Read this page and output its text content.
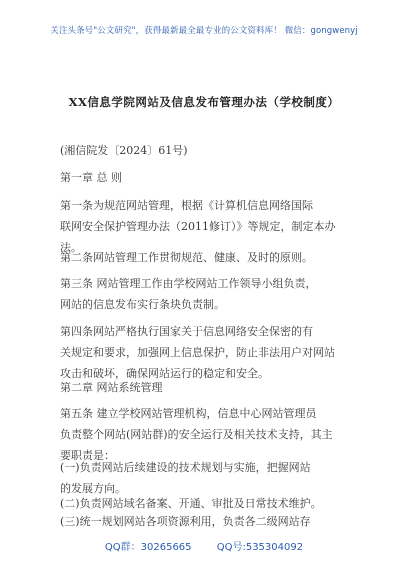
关注头条号"公文研究"，获得最新最全最专业的公文资料库！ 微信：gongwenyj
XX信息学院网站及信息发布管理办法（学校制度）
(湘信院发〔2024〕61号)
第一章 总 则
第一条为规范网站管理，根据《计算机信息网络国际
联网安全保护管理办法（2011修订）》等规定，制定本办
法。
第二条网站管理工作贯彻规范、健康、及时的原则。
第三条 网站管理工作由学校网站工作领导小组负责，
网站的信息发布实行条块负责制。
第四条网站严格执行国家关于信息网络安全保密的有
关规定和要求，加强网上信息保护，防止非法用户对网站
攻击和破坏，确保网站运行的稳定和安全。
第二章 网站系统管理
第五条 建立学校网站管理机构，信息中心网站管理员
负责整个网站(网站群)的安全运行及相关技术支持，其主
要职责是：
(一)负责网站后续建设的技术规划与实施，把握网站
的发展方向。
(二)负责网站域名备案、开通、审批及日常技术维护。
(三)统一规划网站各项资源利用，负责各二级网站存
QQ群：30265665	QQ号:535304092
